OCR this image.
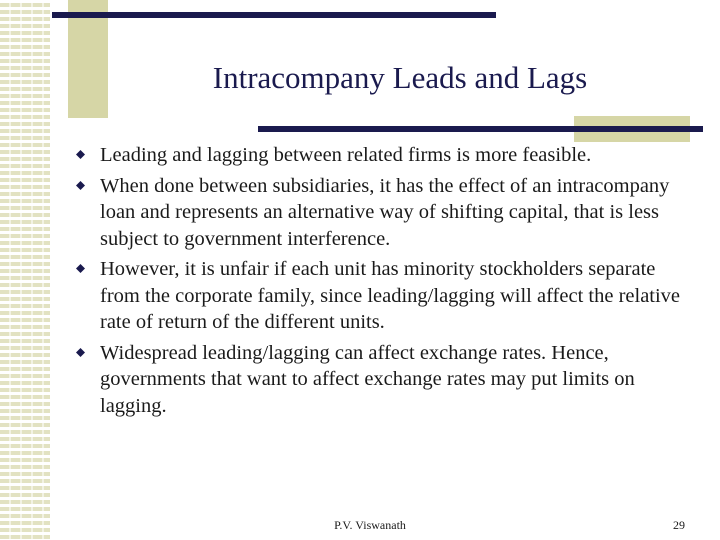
Intracompany Leads and Lags
Leading and lagging between related firms is more feasible.
When done between subsidiaries, it has the effect of an intracompany loan and represents an alternative way of shifting capital, that is less subject to government interference.
However, it is unfair if each unit has minority stockholders separate from the corporate family, since leading/lagging will affect the relative rate of return of the different units.
Widespread leading/lagging can affect exchange rates. Hence, governments that want to affect exchange rates may put limits on lagging.
P.V. Viswanath	29
